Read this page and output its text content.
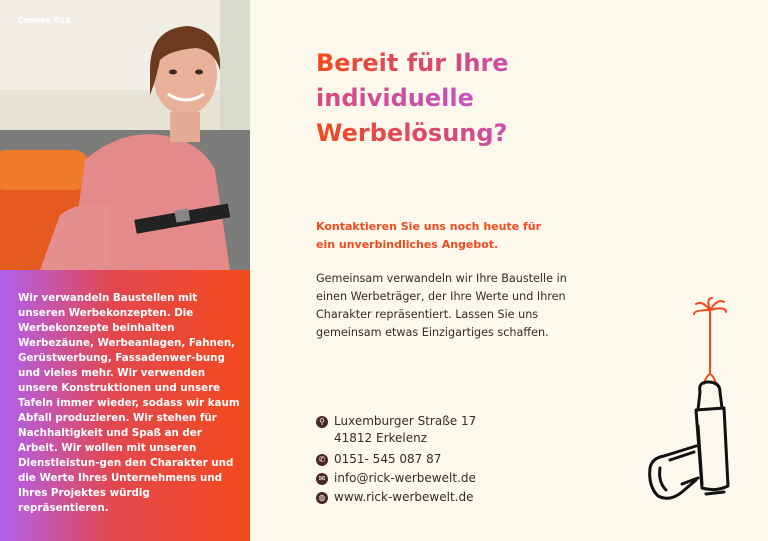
Corinna Rick
Wir verwandeln Baustellen mit unseren Werbekonzepten. Die Werbekonzepte beinhalten Werbezäune, Werbeanlagen, Fahnen, Gerüstwerbung, Fassadenwer-bung und vieles mehr. Wir verwenden unsere Konstruktionen und unsere Tafeln immer wieder, sodass wir kaum Abfall produzieren. Wir stehen für Nachhaltigkeit und Spaß an der Arbeit. Wir wollen mit unseren Dienstleistun-gen den Charakter und die Werte Ihres Unternehmens und Ihres Projektes würdig repräsentieren.
Bereit für Ihre
individuelle
Werbelösung?
Kontaktieren Sie uns noch heute für
ein unverbindliches Angebot.
Gemeinsam verwandeln wir Ihre Baustelle in einen Werbeträger, der Ihre Werte und Ihren Charakter repräsentiert. Lassen Sie uns gemeinsam etwas Einzigartiges schaffen.
⚲ Luxemburger Straße 17
41812 Erkelenz
✆ 0151- 545 087 87
✉ info@rick-werbewelt.de
◍ www.rick-werbewelt.de
